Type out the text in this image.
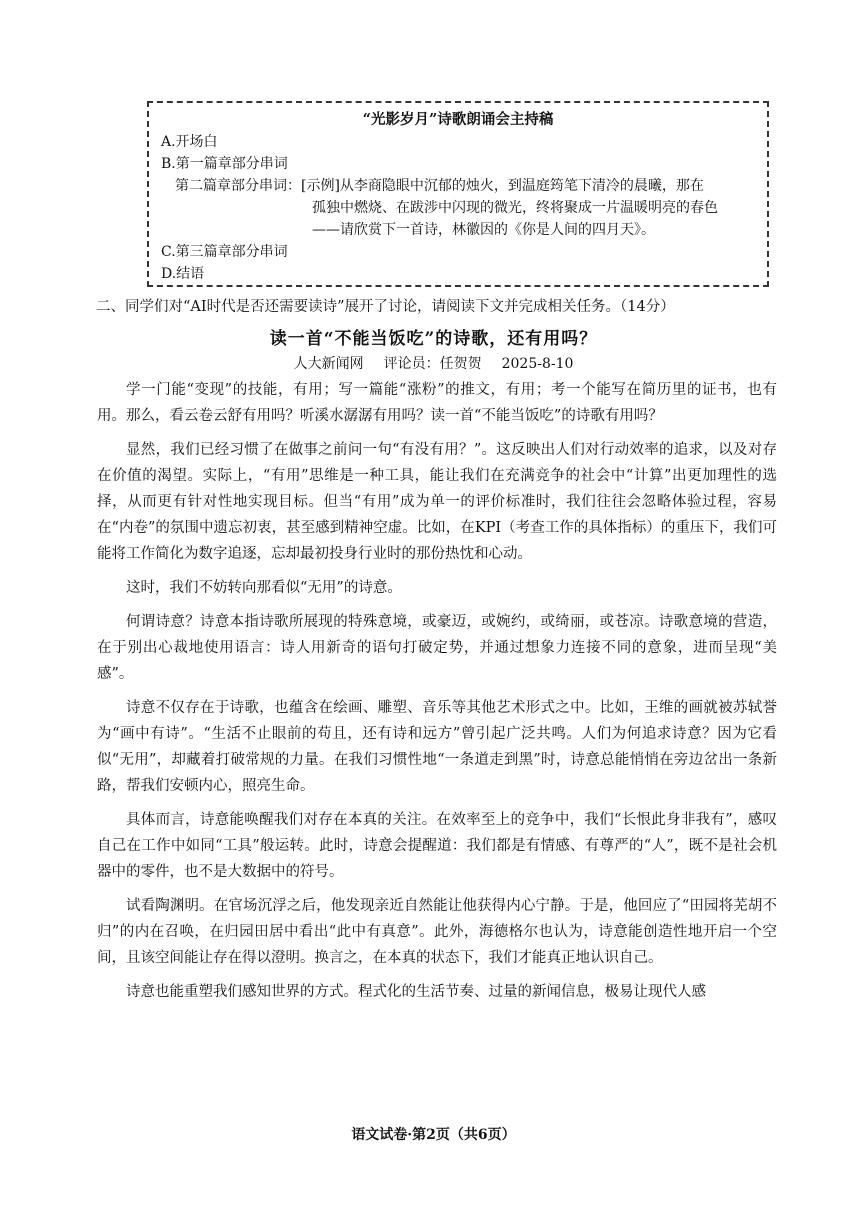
“光影岁月”诗歌朗诵会主持稿
A.开场白
B.第一篇章部分串词
第二篇章部分串词： [示例]从李商隐眼中沉郁的烛火，到温庭筠笔下清冷的晨曦，那在
孤独中燃烧、在跋涉中闪现的微光，终将聚成一片温暖明亮的春色
——请欣赏下一首诗，林徽因的《你是人间的四月天》。
C.第三篇章部分串词
D.结语
二、同学们对“AI时代是否还需要读诗”展开了讨论，请阅读下文并完成相关任务。（14分）
读一首“不能当饭吃”的诗歌，还有用吗？
人大新闻网 评论员：任贺贺 2025-8-10

学一门能“变现”的技能，有用；写一篇能“涨粉”的推文，有用；考一个能写在简历里的证书，也有用。那么，看云卷云舒有用吗？听溪水潺潺有用吗？读一首“不能当饭吃”的诗歌有用吗？

显然，我们已经习惯了在做事之前问一句“有没有用？”。这反映出人们对行动效率的追求，以及对存在价值的渴望。实际上，“有用”思维是一种工具，能让我们在充满竞争的社会中“计算”出更加理性的选择，从而更有针对性地实现目标。但当“有用”成为单一的评价标准时，我们往往会忽略体验过程，容易在“内卷”的氛围中遗忘初衷，甚至感到精神空虚。比如，在KPI（考查工作的具体指标）的重压下，我们可能将工作简化为数字追逐，忘却最初投身行业时的那份热忱和心动。

这时，我们不妨转向那看似“无用”的诗意。

何谓诗意？诗意本指诗歌所展现的特殊意境，或豪迈，或婉约，或绮丽，或苍凉。诗歌意境的营造，在于别出心裁地使用语言：诗人用新奇的语句打破定势，并通过想象力连接不同的意象，进而呈现“美感”。

诗意不仅存在于诗歌，也蕴含在绘画、雕塑、音乐等其他艺术形式之中。比如，王维的画就被苏轼誉为“画中有诗”。“生活不止眼前的苟且，还有诗和远方”曾引起广泛共鸣。人们为何追求诗意？因为它看似“无用”，却藏着打破常规的力量。在我们习惯性地“一条道走到黑”时，诗意总能悄悄在旁边岔出一条新路，帮我们安顿内心，照亮生命。

具体而言，诗意能唤醒我们对存在本真的关注。在效率至上的竞争中，我们“长恨此身非我有”，感叹自己在工作中如同“工具”般运转。此时，诗意会提醒道：我们都是有情感、有尊严的“人”，既不是社会机器中的零件，也不是大数据中的符号。

试看陶渊明。在官场沉浮之后，他发现亲近自然能让他获得内心宁静。于是，他回应了“田园将芜胡不归”的内在召唤，在归园田居中看出“此中有真意”。此外，海德格尔也认为，诗意能创造性地开启一个空间，且该空间能让存在得以澄明。换言之，在本真的状态下，我们才能真正地认识自己。

诗意也能重塑我们感知世界的方式。程式化的生活节奏、过量的新闻信息，极易让现代人感

语文试卷·第2页（共6页）
